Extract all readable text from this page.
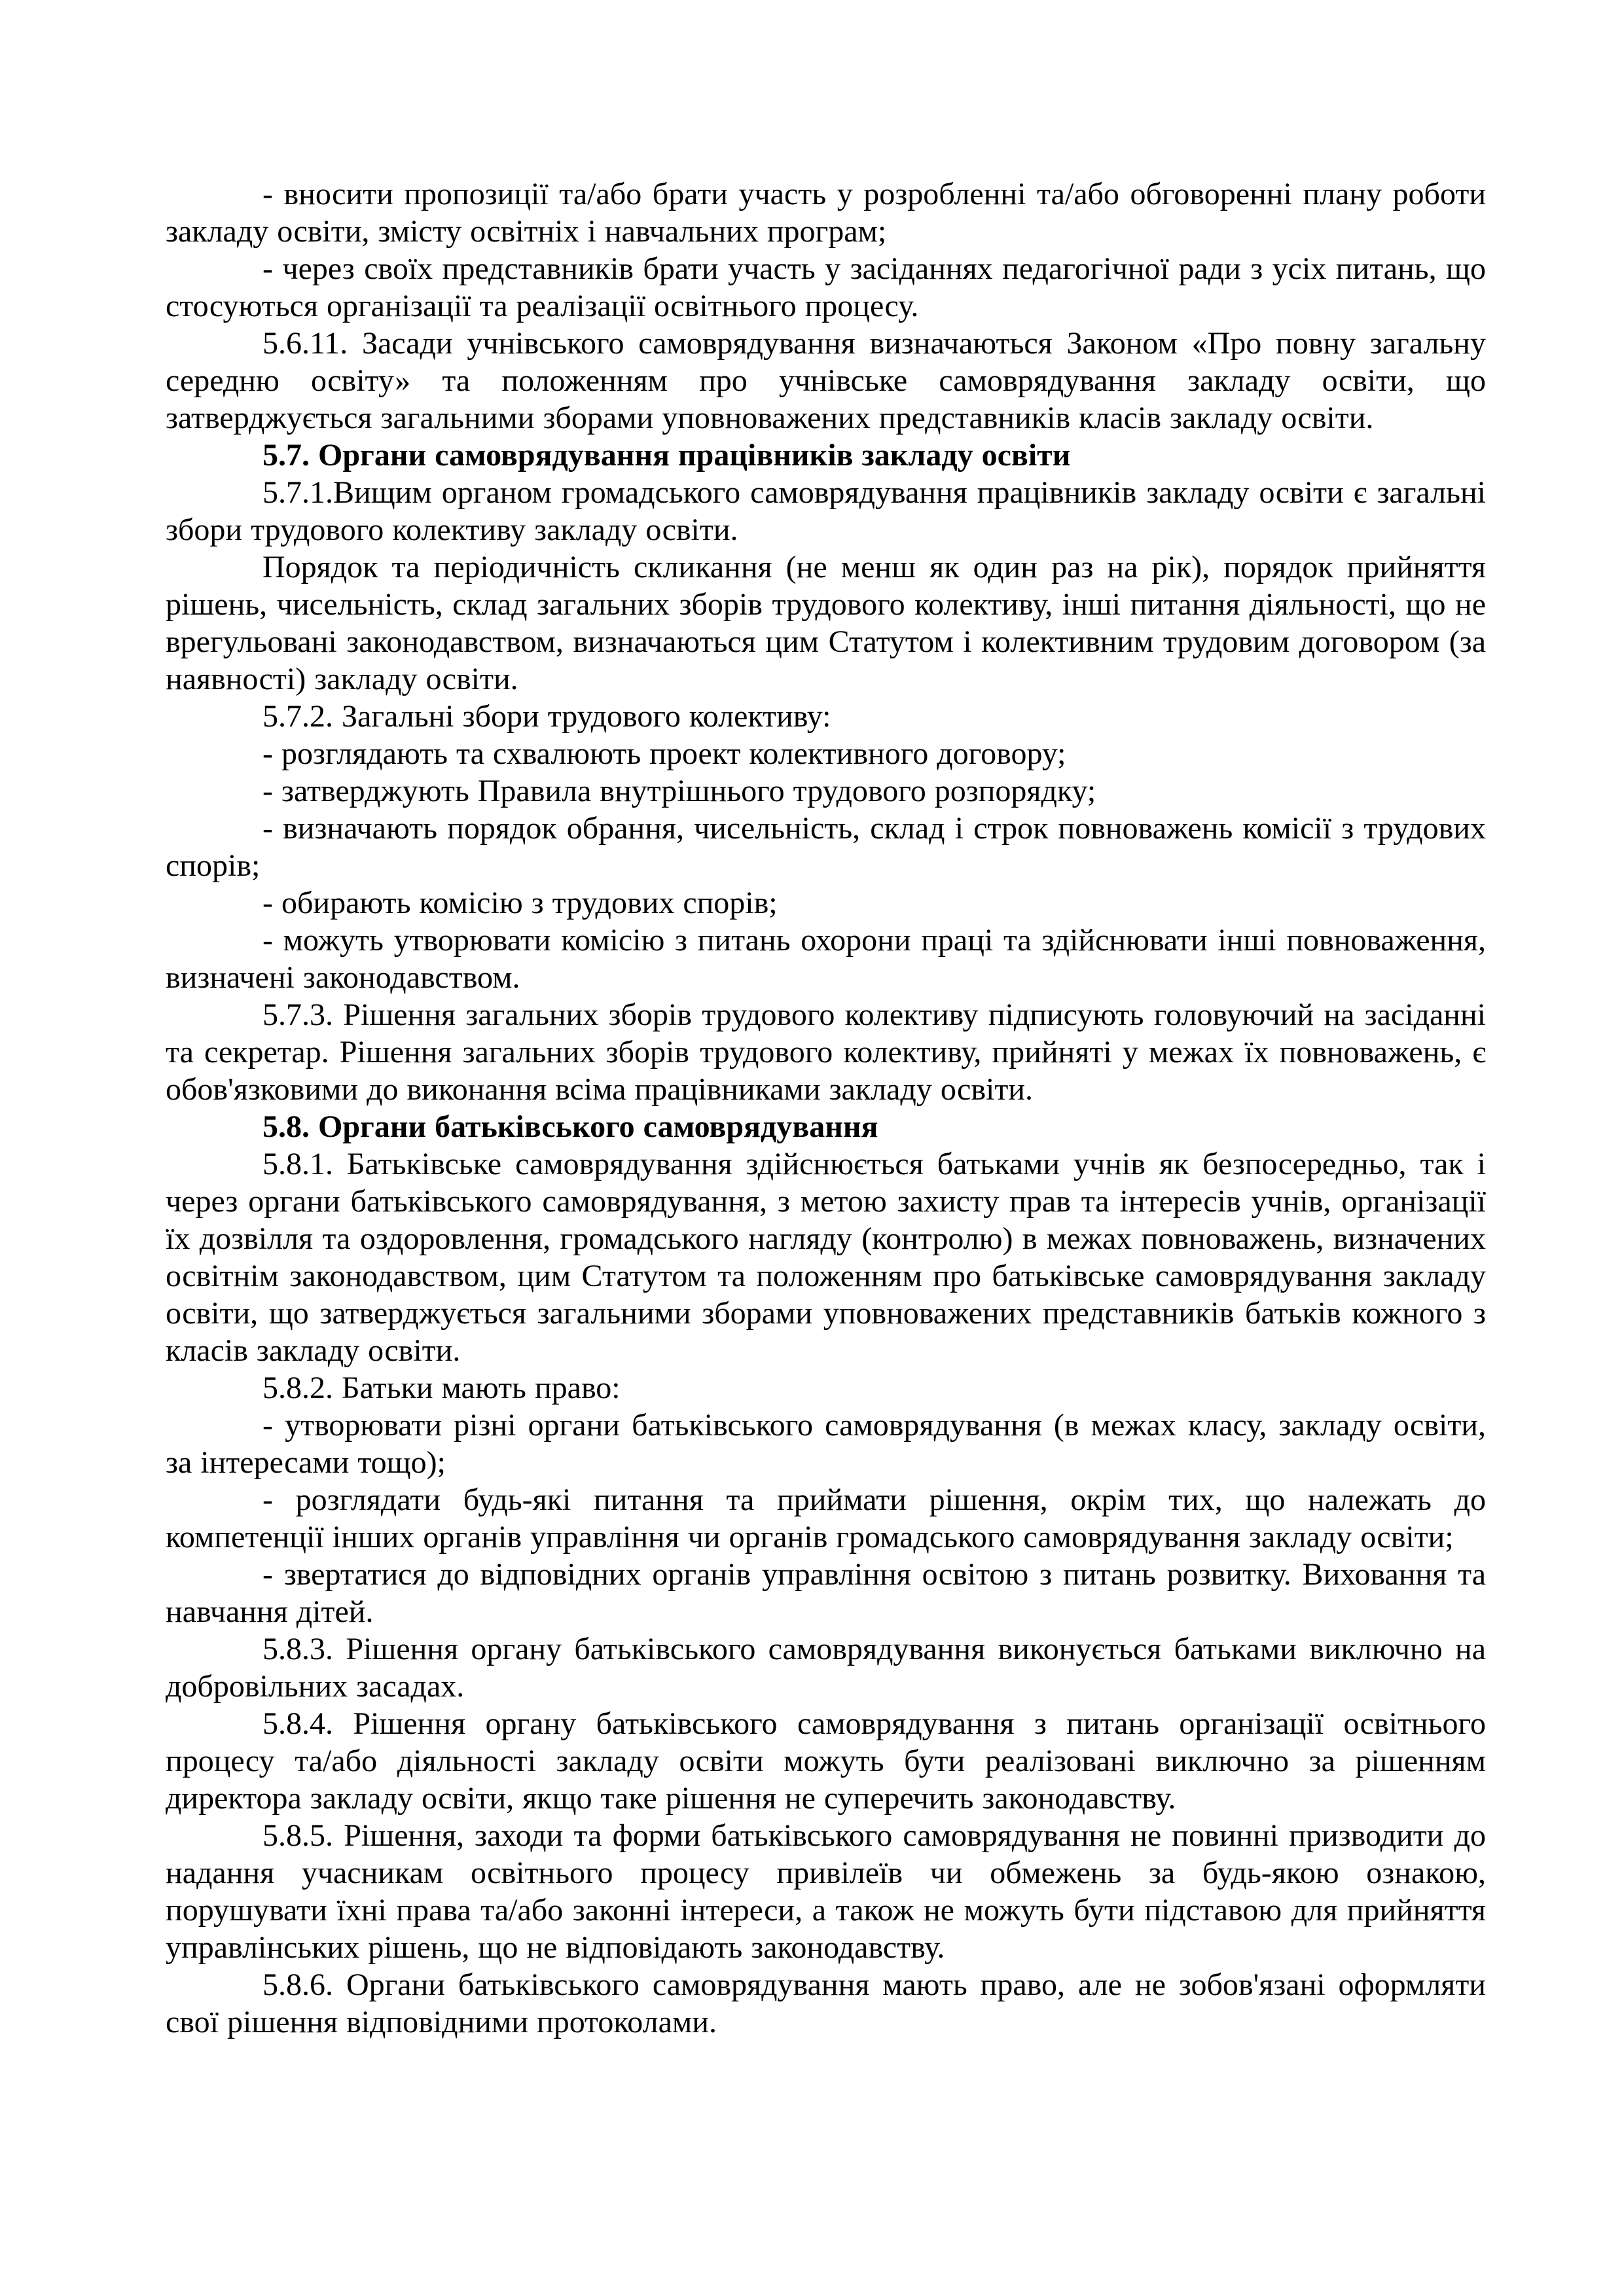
- вносити пропозиції та/або брати участь у розробленні та/або обговоренні плану роботи закладу освіти, змісту освітніх і навчальних програм;

- через своїх представників брати участь у засіданнях педагогічної ради з усіх питань, що стосуються організації та реалізації освітнього процесу.

5.6.11. Засади учнівського самоврядування визначаються Законом «Про повну загальну середню освіту» та положенням про учнівське самоврядування закладу освіти, що затверджується загальними зборами уповноважених представників класів закладу освіти.

5.7. Органи самоврядування працівників закладу освіти

5.7.1.Вищим органом громадського самоврядування працівників закладу освіти є загальні збори трудового колективу закладу освіти.

Порядок та періодичність скликання (не менш як один раз на рік), порядок прийняття рішень, чисельність, склад загальних зборів трудового колективу, інші питання діяльності, що не врегульовані законодавством, визначаються цим Статутом і колективним трудовим договором (за наявності) закладу освіти.

5.7.2. Загальні збори трудового колективу:

- розглядають та схвалюють проект колективного договору;

- затверджують Правила внутрішнього трудового розпорядку;

- визначають порядок обрання, чисельність, склад і строк повноважень комісії з трудових спорів;

- обирають комісію з трудових спорів;

- можуть утворювати комісію з питань охорони праці та здійснювати інші повноваження, визначені законодавством.

5.7.3. Рішення загальних зборів трудового колективу підписують головуючий на засіданні та секретар. Рішення загальних зборів трудового колективу, прийняті у межах їх повноважень, є обов'язковими до виконання всіма працівниками закладу освіти.

5.8. Органи батьківського самоврядування

5.8.1. Батьківське самоврядування здійснюється батьками учнів як безпосередньо, так і через органи батьківського самоврядування, з метою захисту прав та інтересів учнів, організації їх дозвілля та оздоровлення, громадського нагляду (контролю) в межах повноважень, визначених освітнім законодавством, цим Статутом та положенням про батьківське самоврядування закладу освіти, що затверджується загальними зборами уповноважених представників батьків кожного з класів закладу освіти.

5.8.2. Батьки мають право:

- утворювати різні органи батьківського самоврядування (в межах класу, закладу освіти, за інтересами тощо);

- розглядати будь-які питання та приймати рішення, окрім тих, що належать до компетенції інших органів управління чи органів громадського самоврядування закладу освіти;

- звертатися до відповідних органів управління освітою з питань розвитку. Виховання та навчання дітей.

5.8.3. Рішення органу батьківського самоврядування виконується батьками виключно на добровільних засадах.

5.8.4. Рішення органу батьківського самоврядування з питань організації освітнього процесу та/або діяльності закладу освіти можуть бути реалізовані виключно за рішенням директора закладу освіти, якщо таке рішення не суперечить законодавству.

5.8.5. Рішення, заходи та форми батьківського самоврядування не повинні призводити до надання учасникам освітнього процесу привілеїв чи обмежень за будь-якою ознакою, порушувати їхні права та/або законні інтереси, а також не можуть бути підставою для прийняття управлінських рішень, що не відповідають законодавству.

5.8.6. Органи батьківського самоврядування мають право, але не зобов'язані оформляти свої рішення відповідними протоколами.
